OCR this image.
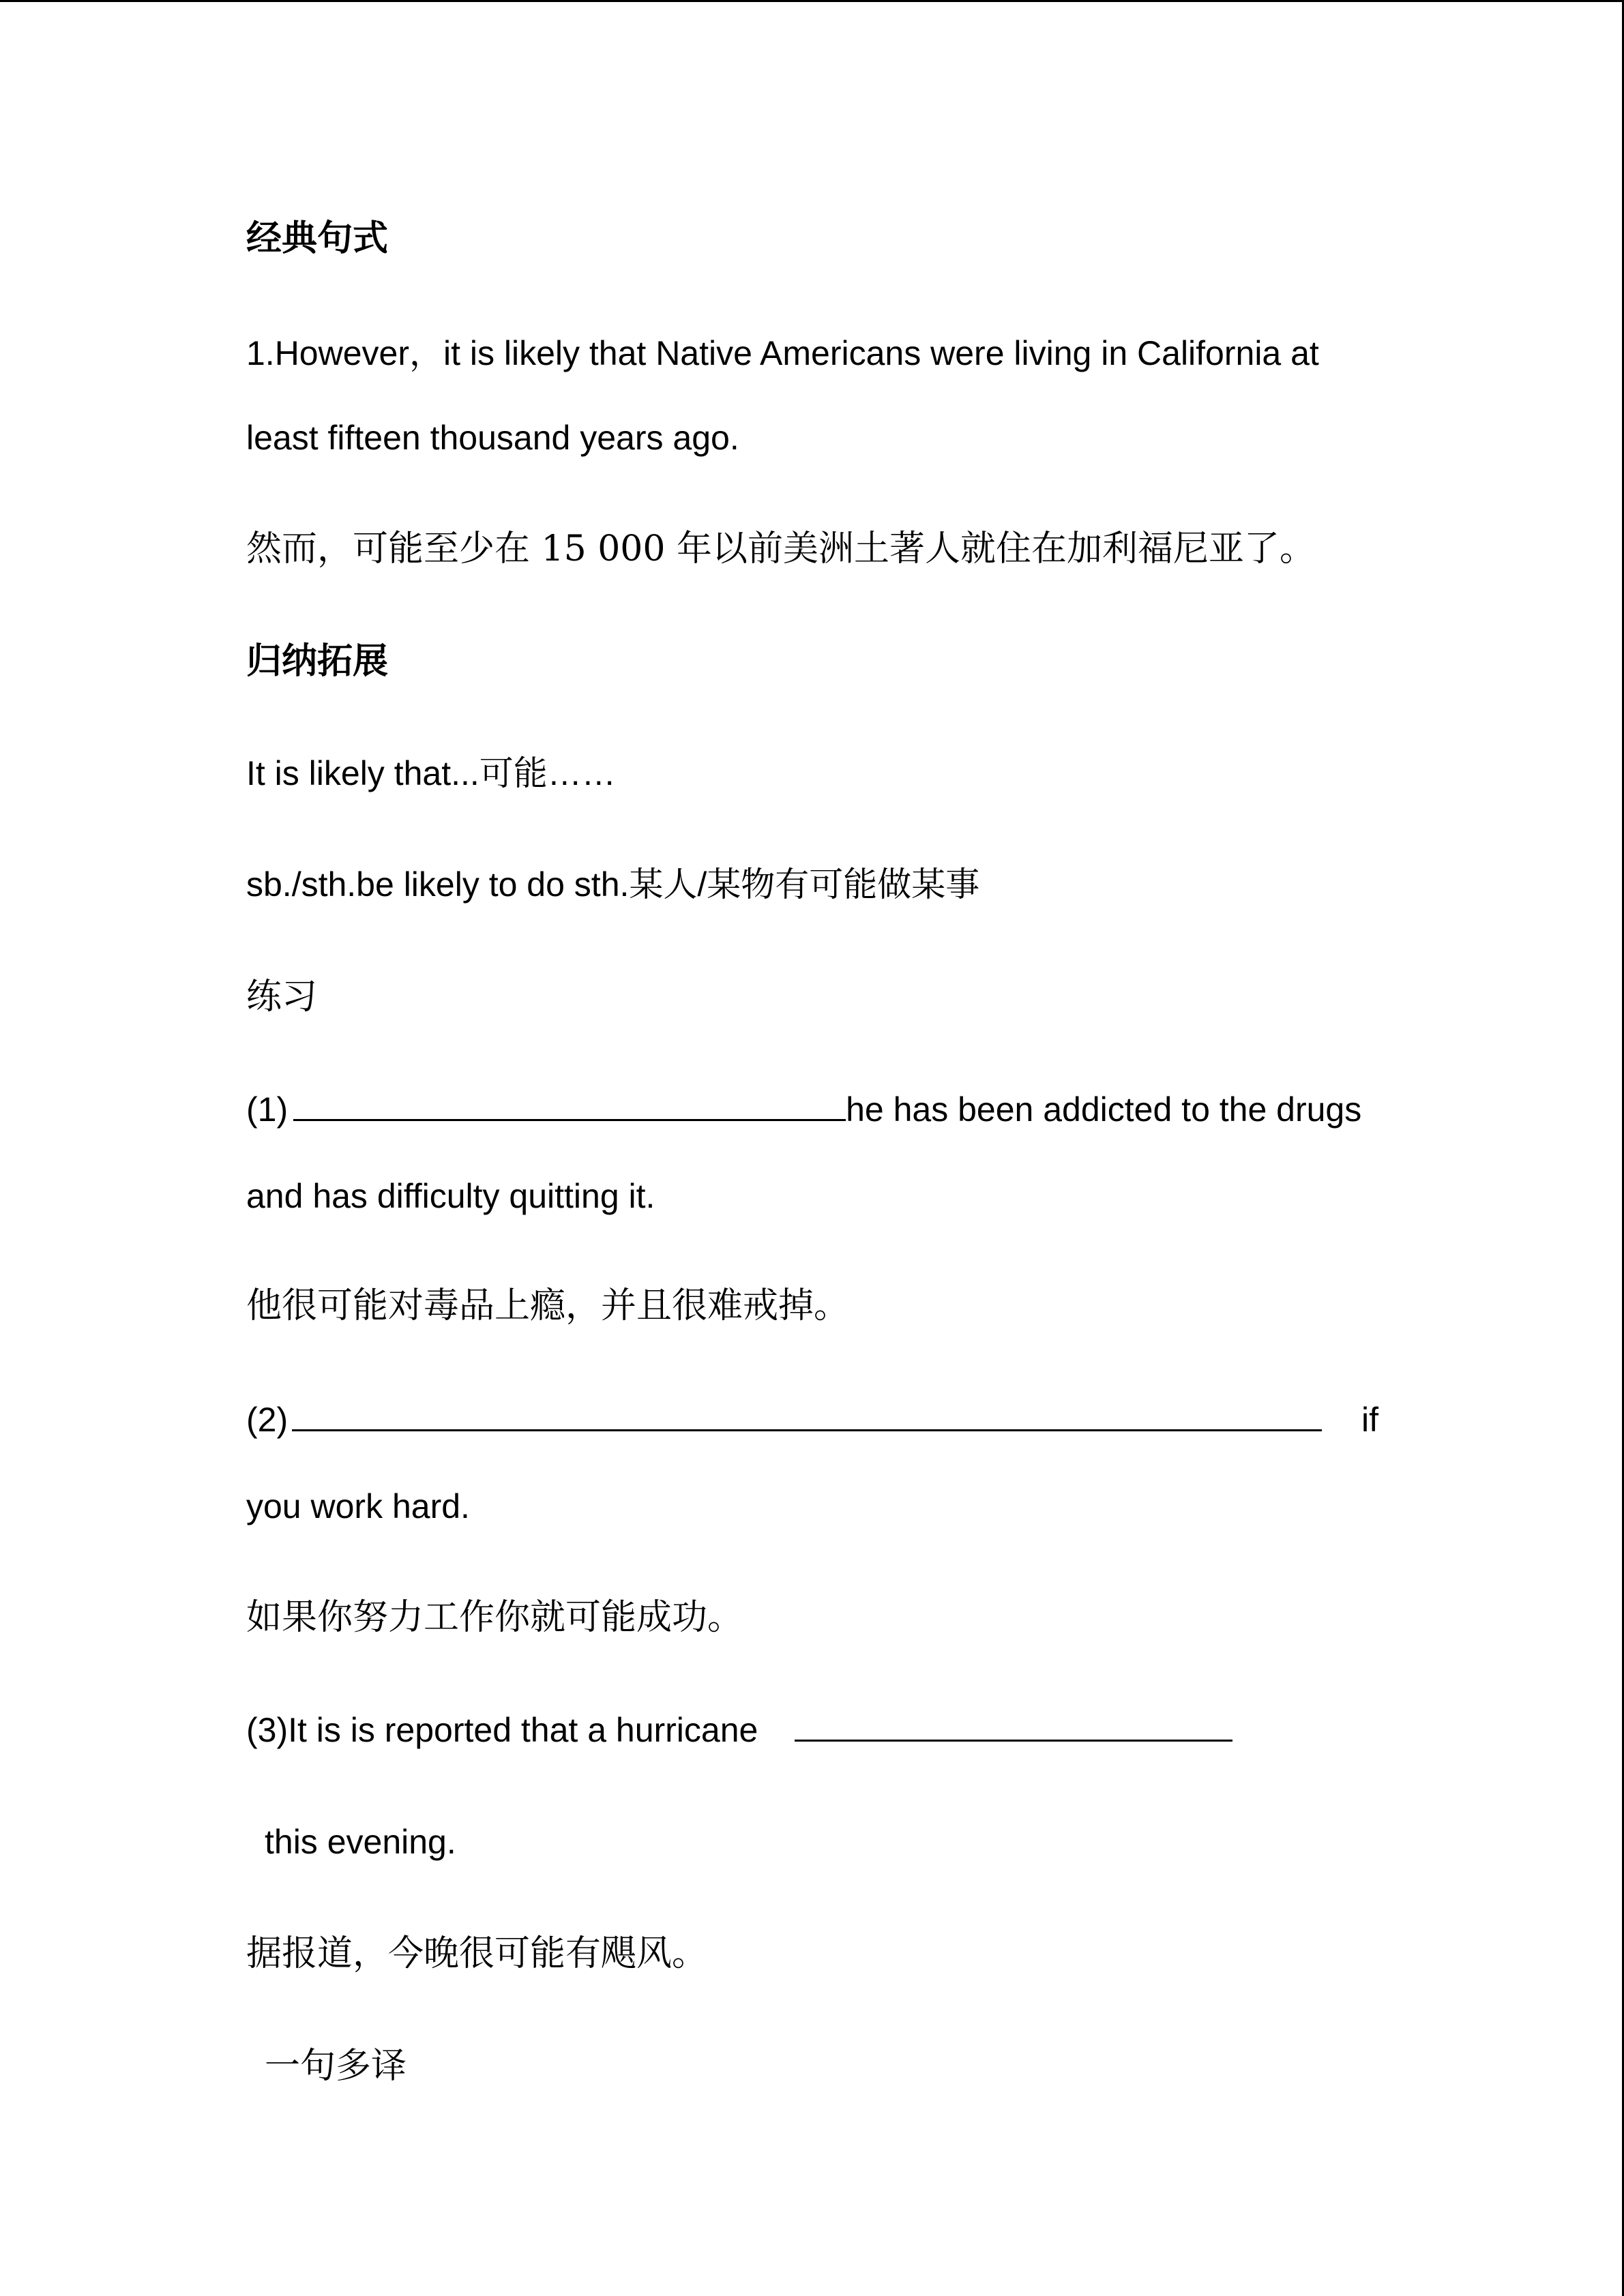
经典句式
1.However，it is likely that Native Americans were living in California at
least fifteen thousand years ago.
然而，可能至少在 15 000 年以前美洲土著人就住在加利福尼亚了。
归纳拓展
It is likely that...可能……
sb./sth.be likely to do sth.某人/某物有可能做某事
练习
(1)	he has been addicted to the drugs
and has difficulty quitting it.
他很可能对毒品上瘾，并且很难戒掉。
(2)	if
you work hard.
如果你努力工作你就可能成功。
(3)It is is reported that a hurricane
this evening.
据报道，今晚很可能有飓风。
一句多译
